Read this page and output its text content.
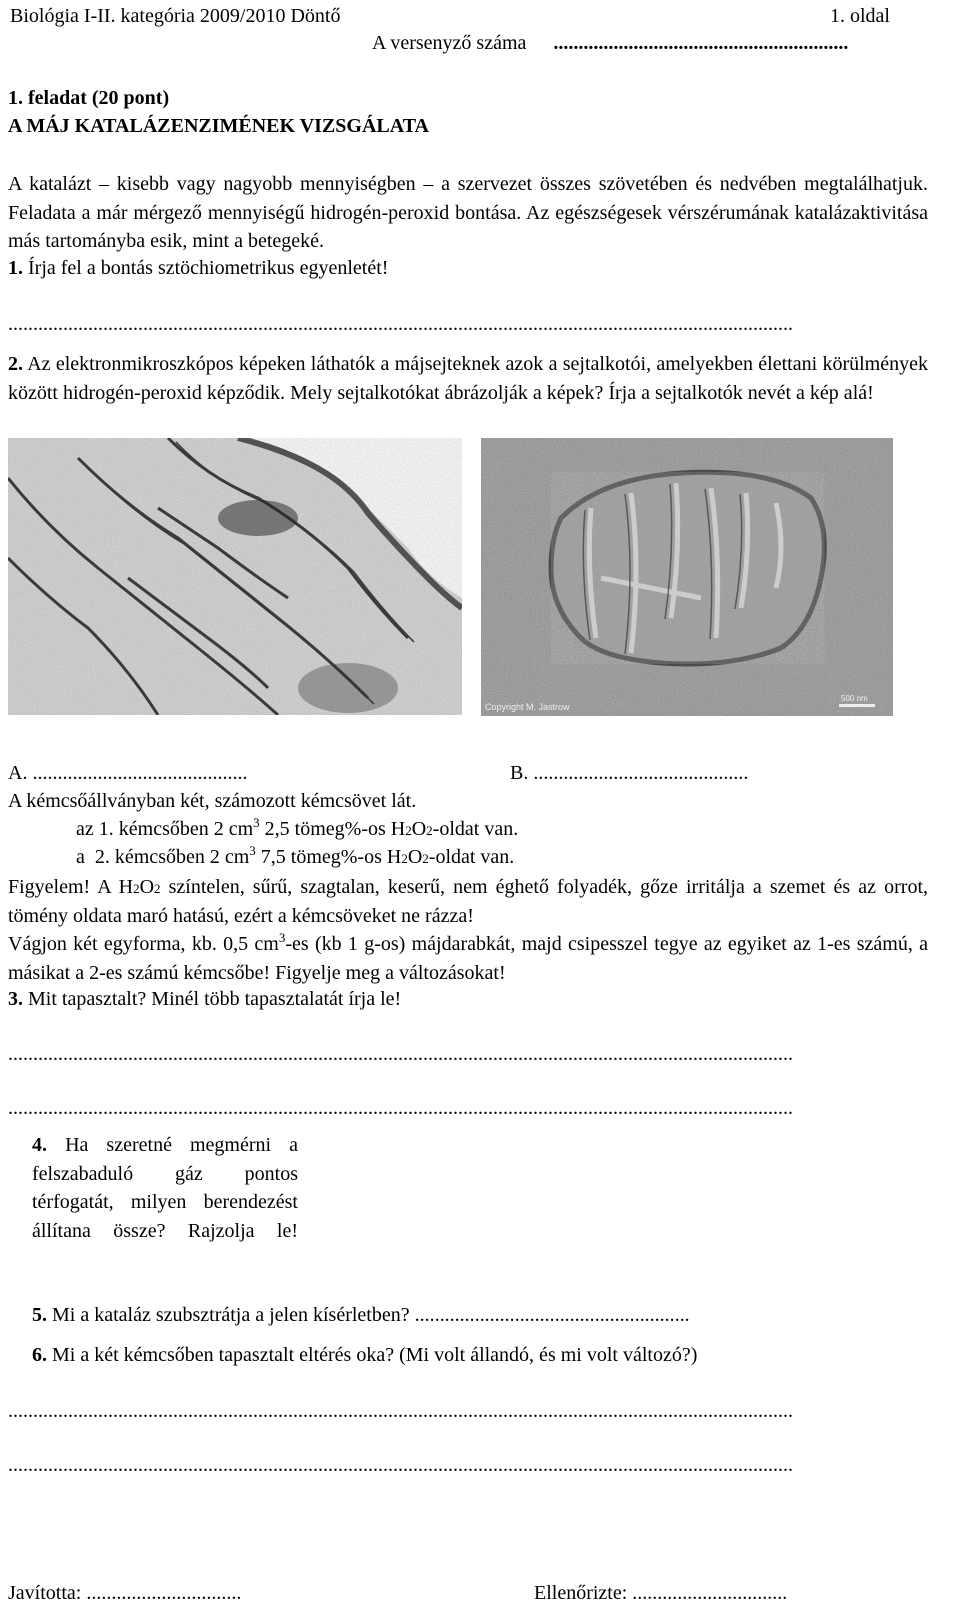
Biológia I-II. kategória 2009/2010 Döntő	1. oldal
A versenyző száma ...........................................................
1. feladat (20 pont)
A MÁJ KATALÁZENZIMÉNEK VIZSGÁLATA
A katalázt – kisebb vagy nagyobb mennyiségben – a szervezet összes szövetében és nedvében megtalálhatjuk. Feladata a már mérgező mennyiségű hidrogén-peroxid bontása. Az egészségesek vérszérumának katalázaktivitása más tartományba esik, mint a betegeké.
1. Írja fel a bontás sztöchiometrikus egyenletét!
.............................................................................................................................................................
2. Az elektronmikroszkópos képeken láthatók a májsejteknek azok a sejtalkotói, amelyekben élettani körülmények között hidrogén-peroxid képződik. Mely sejtalkotókat ábrázolják a képek? Írja a sejtalkotók nevét a kép alá!
Copyright M. Jastrow
500 nm
A. ...........................................	B. ...........................................
A kémcsőállványban két, számozott kémcsövet lát.
az 1. kémcsőben 2 $cm^3$ 2,5 tömeg%-os $H_2O_2$-oldat van.
a  2. kémcsőben 2 $cm^3$ 7,5 tömeg%-os $H_2O_2$-oldat van.
Figyelem! A $H_2O_2$ színtelen, sűrű, szagtalan, keserű, nem éghető folyadék, gőze irritálja a szemet és az orrot, tömény oldata maró hatású, ezért a kémcsöveket ne rázza!
Vágjon két egyforma, kb. 0,5 $cm^3-es$ (kb 1 g-os) májdarabkát, majd csipesszel tegye az egyiket az 1-es számú, a másikat a 2-es számú kémcsőbe! Figyelje meg a változásokat!
3. Mit tapasztalt? Minél több tapasztalatát írja le!
.............................................................................................................................................................
.............................................................................................................................................................
4. Ha szeretné megmérni a felszabaduló gáz pontos térfogatát, milyen berendezést állítana össze? Rajzolja le!
5. Mi a kataláz szubsztrátja a jelen kísérletben? .......................................................
6. Mi a két kémcsőben tapasztalt eltérés oka? (Mi volt állandó, és mi volt változó?)
.............................................................................................................................................................
.............................................................................................................................................................
Javította: ...............................	Ellenőrizte: ...............................
